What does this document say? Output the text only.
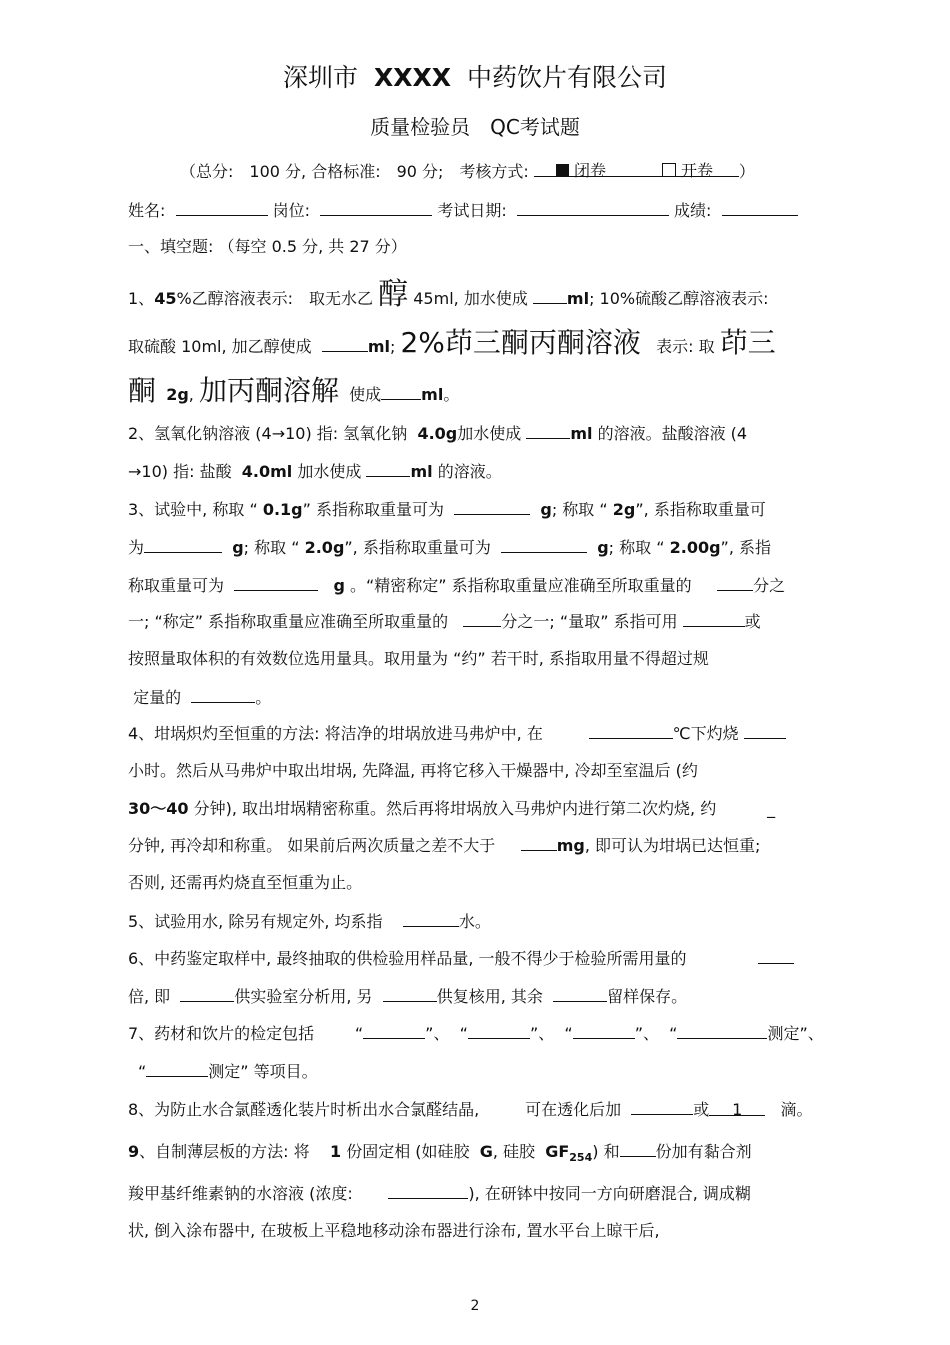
深圳市 XXXX 中药饮片有限公司
质量检验员　QC考试题
（总分:　100 分, 合格标准:　90 分;　考核方式:	闭卷	开卷 ）
姓名:	岗位:	考试日期:	成绩:
一、填空题: （每空 0.5 分, 共 27 分）
1、45%乙醇溶液表示:　取无水乙 醇 45ml, 加水使成 ml; 10%硫酸乙醇溶液表示:
取硫酸 10ml, 加乙醇使成	ml; 2%茚三酮丙酮溶液 表示: 取 茚三
酮 2g, 加丙酮溶解 使成	ml。
2、氢氧化钠溶液 (4→10) 指: 氢氧化钠 4.0g加水使成	ml 的溶液。盐酸溶液 (4
→10) 指: 盐酸 4.0ml 加水使成	ml 的溶液。
3、试验中, 称取 “ 0.1g” 系指称取重量可为	g; 称取 “ 2g”, 系指称取重量可
为	g; 称取 “ 2.0g”, 系指称取重量可为	g; 称取 “ 2.00g”, 系指
称取重量可为	g 。“精密称定” 系指称取重量应准确至所取重量的	分之
一; “称定” 系指称取重量应准确至所取重量的	分之一; “量取” 系指可用	或
按照量取体积的有效数位选用量具。取用量为 “约” 若干时, 系指取用量不得超过规
定量的	。
4、坩埚炽灼至恒重的方法: 将洁净的坩埚放进马弗炉中, 在	℃下灼烧
小时。然后从马弗炉中取出坩埚, 先降温, 再将它移入干燥器中, 冷却至室温后 (约
30～40 分钟), 取出坩埚精密称重。然后再将坩埚放入马弗炉内进行第二次灼烧, 约	_
分钟, 再冷却和称重。 如果前后两次质量之差不大于	mg, 即可认为坩埚已达恒重;
否则, 还需再灼烧直至恒重为止。
5、试验用水, 除另有规定外, 均系指	水。
6、中药鉴定取样中, 最终抽取的供检验用样品量, 一般不得少于检验所需用量的
倍, 即	供实验室分析用, 另	供复核用, 其余	留样保存。
7、药材和饮片的检定包括	“	”、 “	”、 “	”、 “	测定”、
“	测定” 等项目。
8、为防止水合氯醛透化装片时析出水合氯醛结晶,	可在透化后加	或 1 滴。
9、自制薄层板的方法: 将 1 份固定相 (如硅胶 G, 硅胶 $GF_{254}$) 和 份加有黏合剂
羧甲基纤维素钠的水溶液 (浓度:	), 在研钵中按同一方向研磨混合, 调成糊
状, 倒入涂布器中, 在玻板上平稳地移动涂布器进行涂布, 置水平台上晾干后,
2
